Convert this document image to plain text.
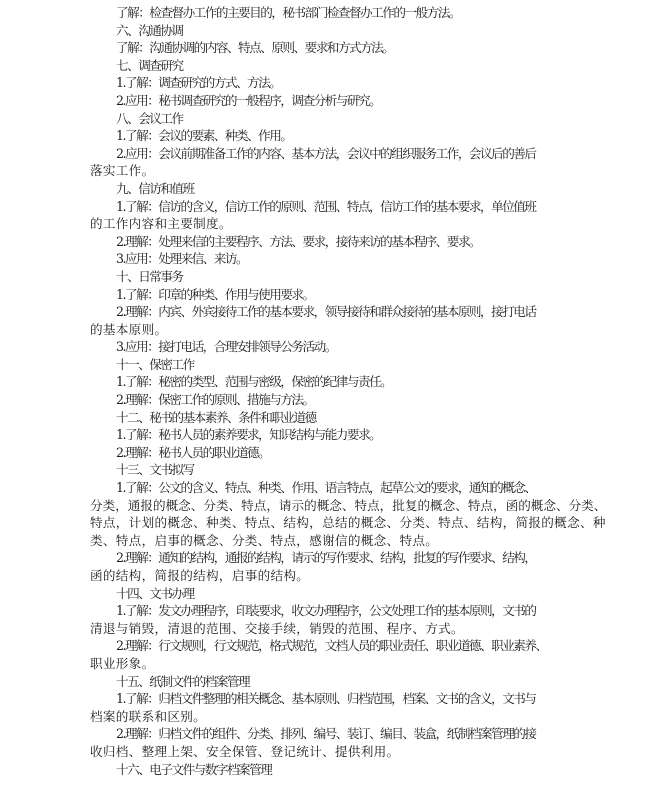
了解：检查督办工作的主要目的，秘书部门检查督办工作的一般方法。
六、沟通协调
了解：沟通协调的内容、特点、原则、要求和方式方法。
七、调查研究
1.了解：调查研究的方式、方法。
2.应用：秘书调查研究的一般程序，调查分析与研究。
八、会议工作
1.了解：会议的要素、种类、作用。
2.应用：会议前期准备工作的内容、基本方法，会议中的组织服务工作，会议后的善后
落实工作。
九、信访和值班
1.了解：信访的含义，信访工作的原则、范围、特点，信访工作的基本要求，单位值班
的工作内容和主要制度。
2.理解：处理来信的主要程序、方法、要求，接待来访的基本程序、要求。
3.应用：处理来信、来访。
十、日常事务
1.了解：印章的种类、作用与使用要求。
2.理解：内宾、外宾接待工作的基本要求，领导接待和群众接待的基本原则，接打电话
的基本原则。
3.应用：接打电话，合理安排领导公务活动。
十一、保密工作
1.了解：秘密的类型、范围与密级，保密的纪律与责任。
2.理解：保密工作的原则、措施与方法。
十二、秘书的基本素养、条件和职业道德
1.了解：秘书人员的素养要求，知识结构与能力要求。
2.理解：秘书人员的职业道德。
十三、文书拟写
1.了解：公文的含义、特点、种类、作用、语言特点，起草公文的要求，通知的概念、
分类，通报的概念、分类、特点，请示的概念、特点，批复的概念、特点，函的概念、分类、
特点，计划的概念、种类、特点、结构，总结的概念、分类、特点、结构，简报的概念、种
类、特点，启事的概念、分类、特点，感谢信的概念、特点。
2.理解：通知的结构，通报的结构，请示的写作要求、结构，批复的写作要求、结构，
函的结构，简报的结构，启事的结构。
十四、文书办理
1.了解：发文办理程序，印装要求，收文办理程序，公文处理工作的基本原则，文书的
清退与销毁，清退的范围、交接手续，销毁的范围、程序、方式。
2.理解：行文规则，行文规范，格式规范，文档人员的职业责任、职业道德、职业素养、
职业形象。
十五、纸制文件的档案管理
1.了解：归档文件整理的相关概念、基本原则、归档范围，档案、文书的含义，文书与
档案的联系和区别。
2.理解：归档文件的组件、分类、排列、编号、装订、编目、装盒，纸制档案管理的接
收归档、整理上架、安全保管、登记统计、提供利用。
十六、电子文件与数字档案管理
